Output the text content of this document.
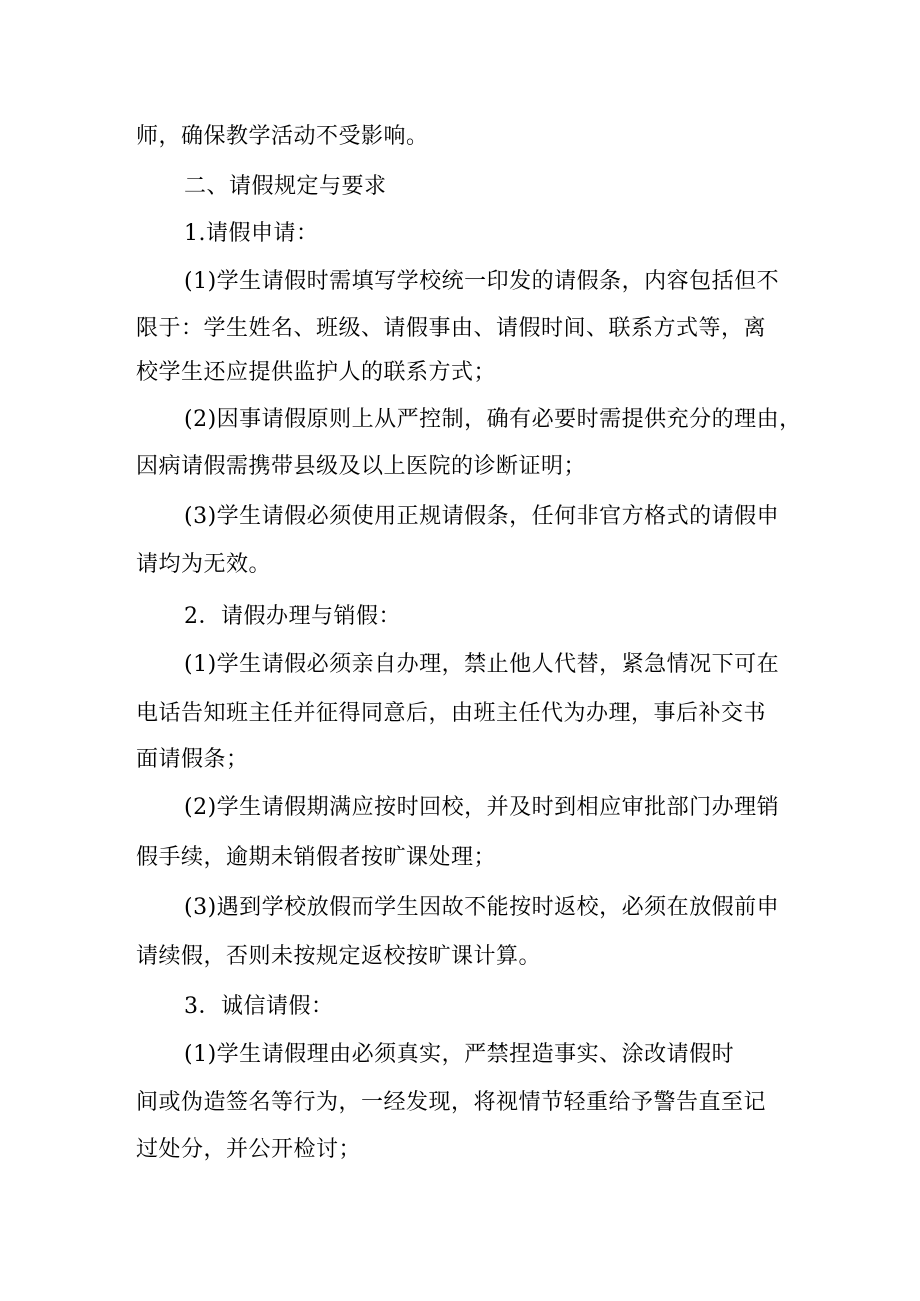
师，确保教学活动不受影响。
二、请假规定与要求
1.请假申请：
(1)学生请假时需填写学校统一印发的请假条，内容包括但不
限于：学生姓名、班级、请假事由、请假时间、联系方式等，离
校学生还应提供监护人的联系方式；
(2)因事请假原则上从严控制，确有必要时需提供充分的理由，
因病请假需携带县级及以上医院的诊断证明；
(3)学生请假必须使用正规请假条，任何非官方格式的请假申
请均为无效。
2．请假办理与销假：
(1)学生请假必须亲自办理，禁止他人代替，紧急情况下可在
电话告知班主任并征得同意后，由班主任代为办理，事后补交书
面请假条；
(2)学生请假期满应按时回校，并及时到相应审批部门办理销
假手续，逾期未销假者按旷课处理；
(3)遇到学校放假而学生因故不能按时返校，必须在放假前申
请续假，否则未按规定返校按旷课计算。
3．诚信请假：
(1)学生请假理由必须真实，严禁捏造事实、涂改请假时
间或伪造签名等行为，一经发现，将视情节轻重给予警告直至记
过处分，并公开检讨；
